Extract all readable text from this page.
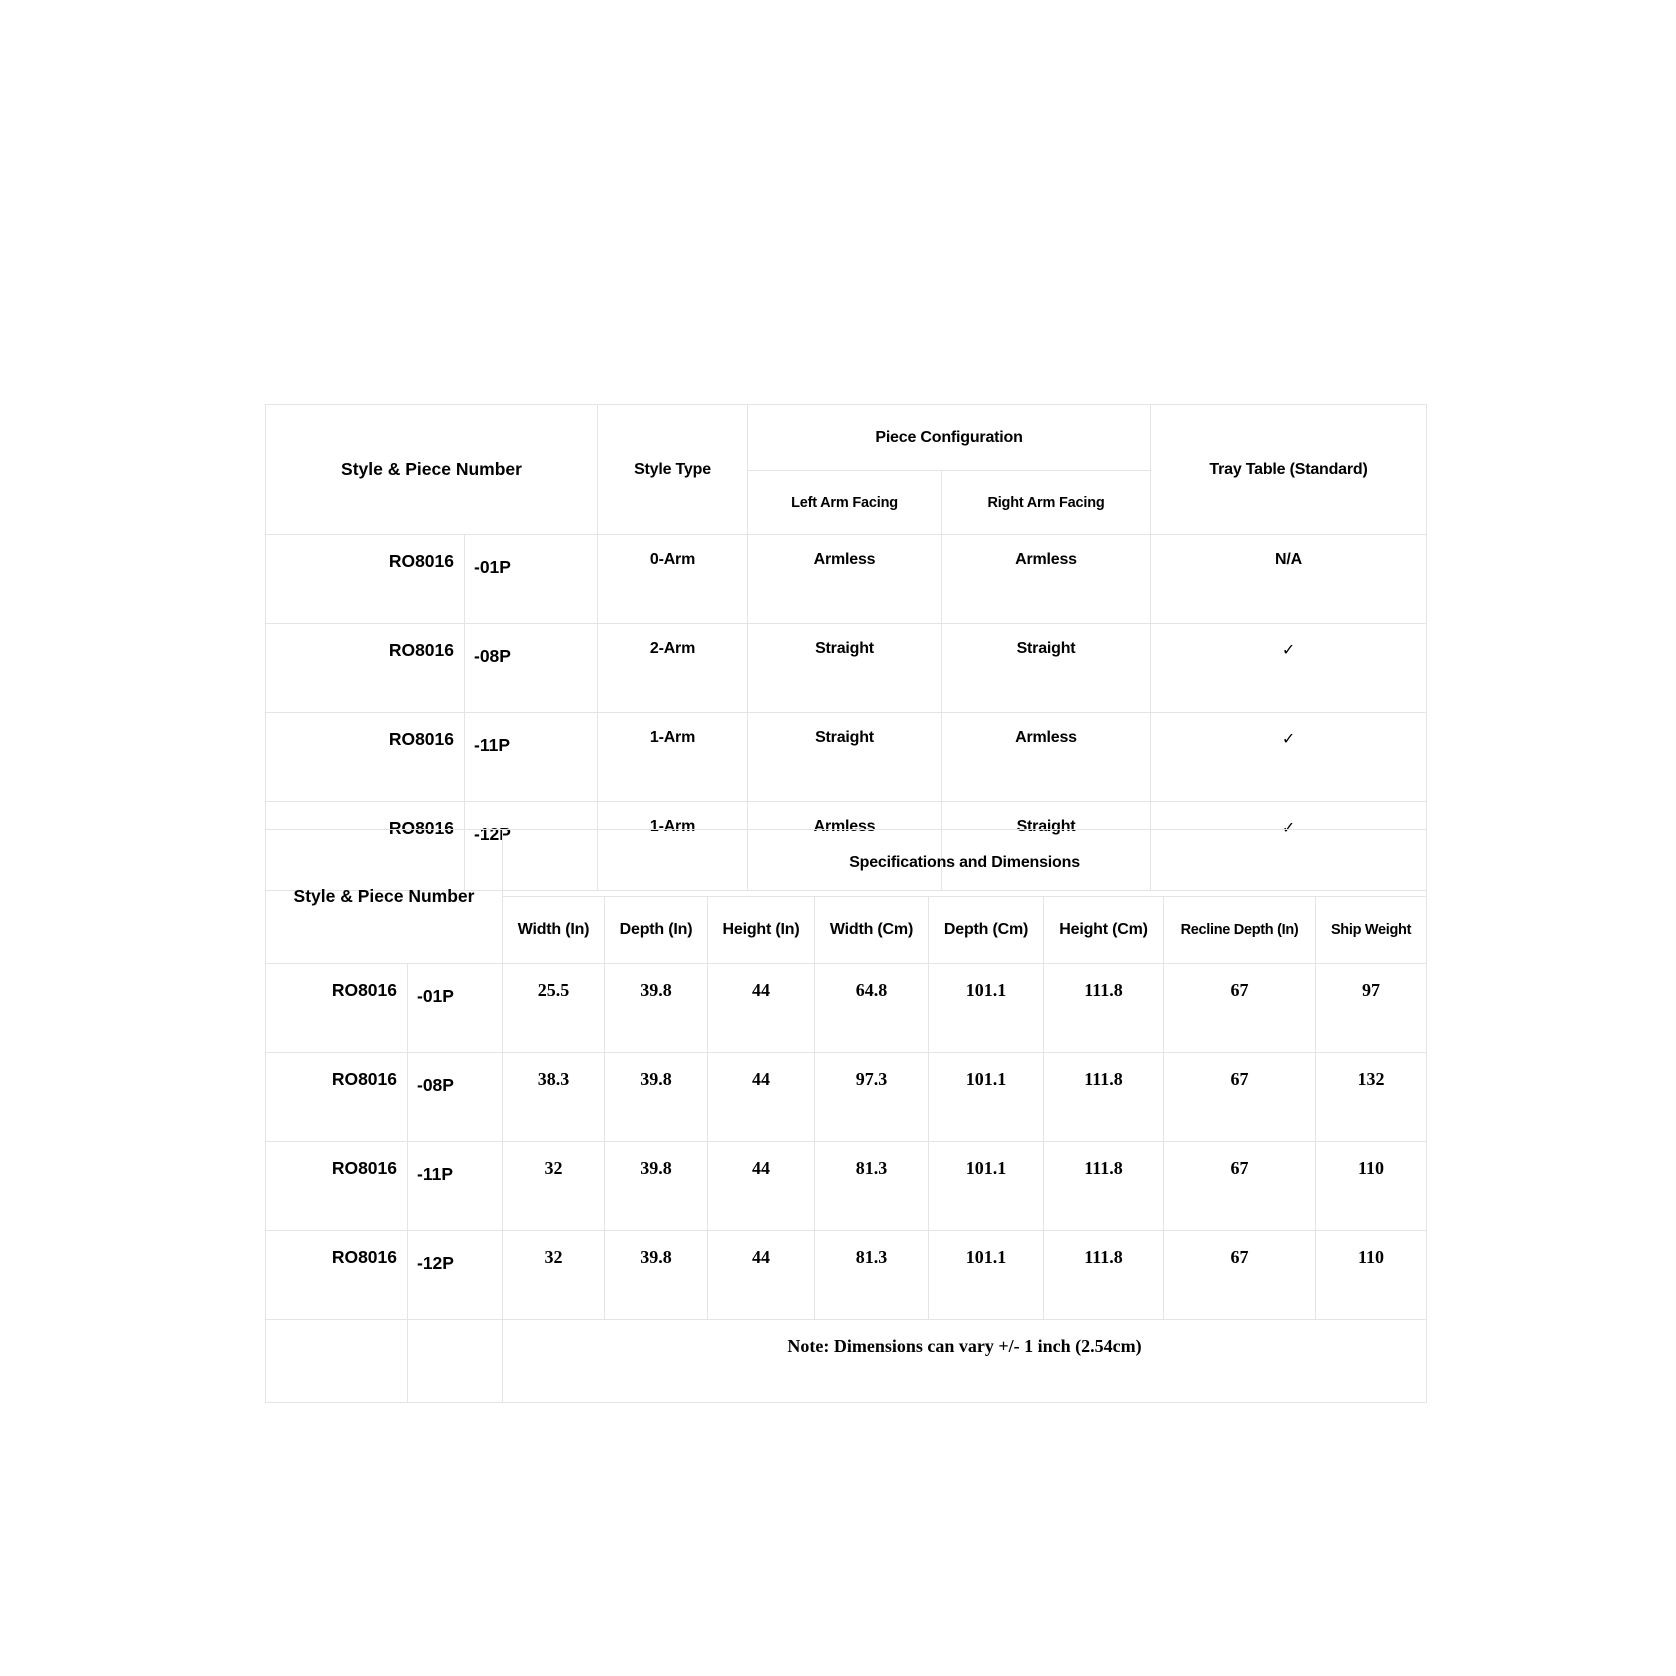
Style & Piece Number		Style Type	Piece Configuration		Tray Table (Standard)
			Left Arm Facing	Right Arm Facing	
RO8016	-01P	0-Arm	Armless	Armless	N/A
RO8016	-08P	2-Arm	Straight	Straight	✓
RO8016	-11P	1-Arm	Straight	Armless	✓
RO8016	-12P	1-Arm	Armless	Straight	✓
Style & Piece Number		Specifications and Dimensions							
		Width (In)	Depth (In)	Height (In)	Width (Cm)	Depth (Cm)	Height (Cm)	Recline Depth (In)	Ship Weight
RO8016	-01P	25.5	39.8	44	64.8	101.1	111.8	67	97
RO8016	-08P	38.3	39.8	44	97.3	101.1	111.8	67	132
RO8016	-11P	32	39.8	44	81.3	101.1	111.8	67	110
RO8016	-12P	32	39.8	44	81.3	101.1	111.8	67	110
		Note: Dimensions can vary +/- 1 inch (2.54cm)							
